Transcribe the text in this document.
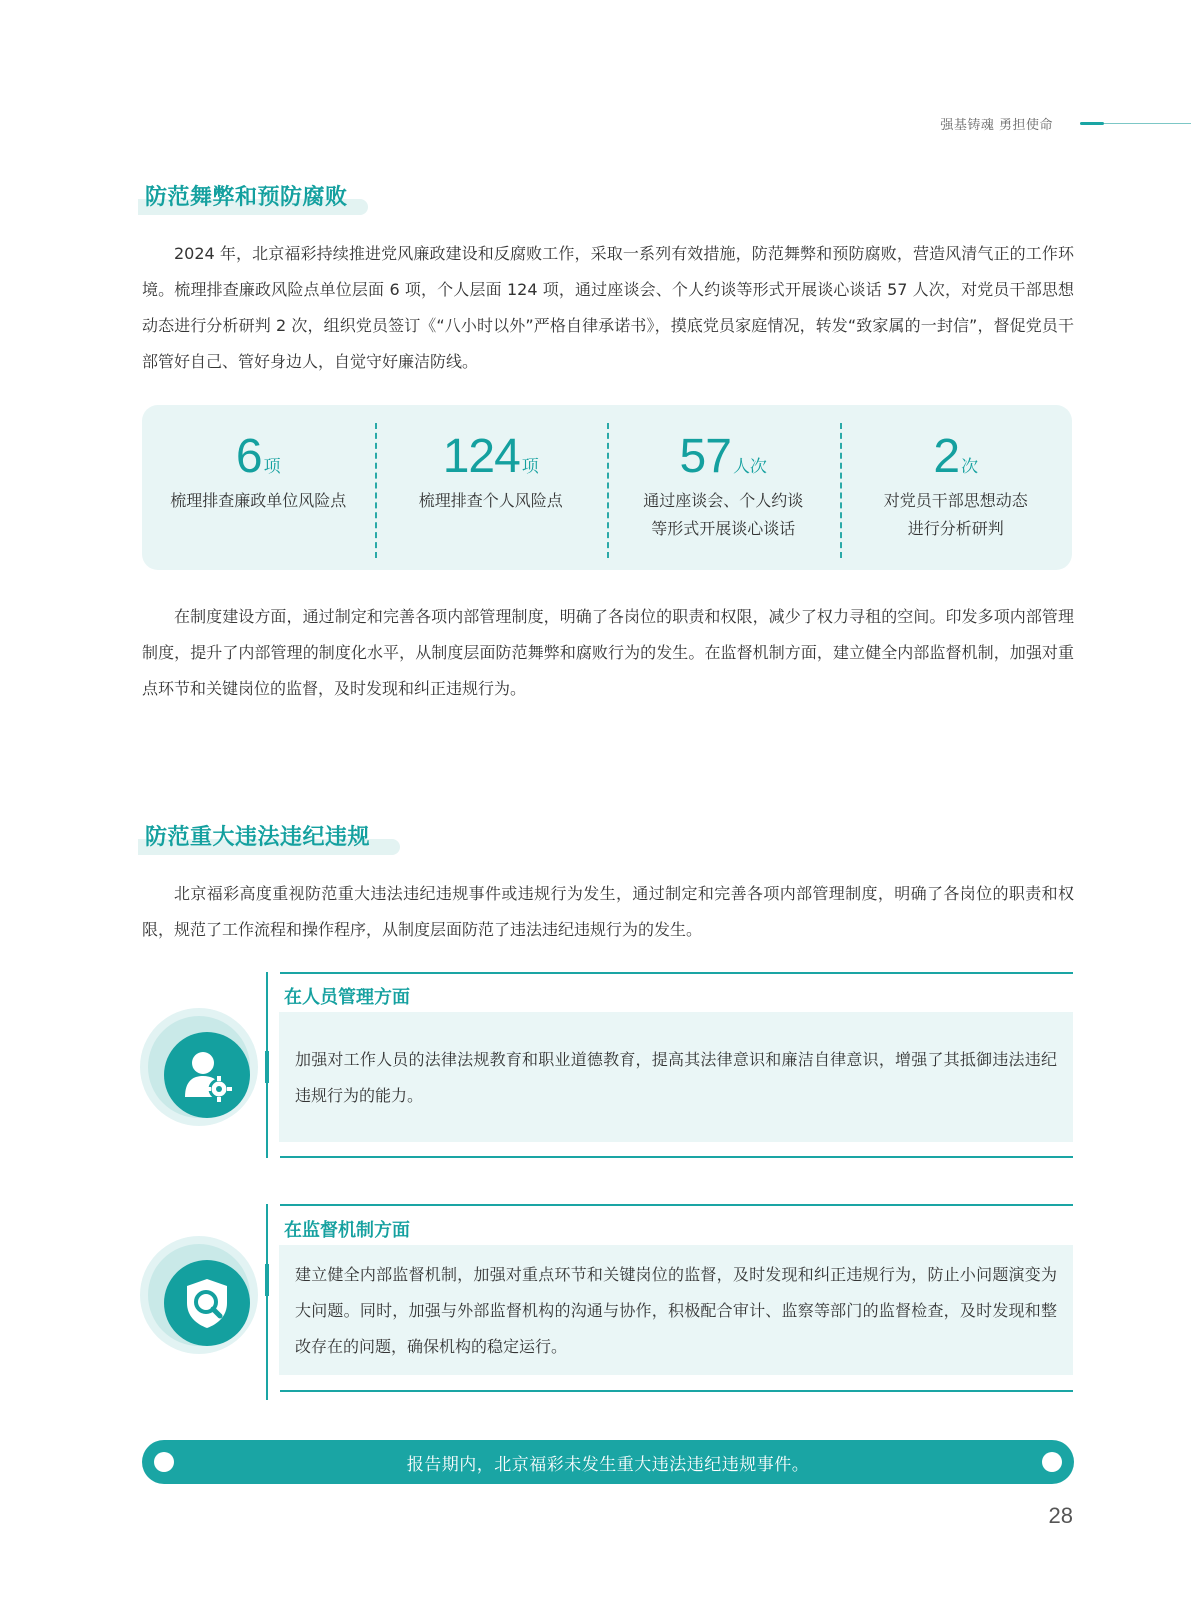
强基铸魂 勇担使命
防范舞弊和预防腐败

2024 年，北京福彩持续推进党风廉政建设和反腐败工作，采取一系列有效措施，防范舞弊和预防腐败，营造风清气正的工作环境。梳理排查廉政风险点单位层面 6 项，个人层面 124 项，通过座谈会、个人约谈等形式开展谈心谈话 57 人次，对党员干部思想动态进行分析研判 2 次，组织党员签订《“八小时以外”严格自律承诺书》，摸底党员家庭情况，转发“致家属的一封信”，督促党员干部管好自己、管好身边人，自觉守好廉洁防线。

6 项
梳理排查廉政单位风险点
124 项
梳理排查个人风险点
57 人次
通过座谈会、个人约谈
等形式开展谈心谈话
2 次
对党员干部思想动态
进行分析研判

在制度建设方面，通过制定和完善各项内部管理制度，明确了各岗位的职责和权限，减少了权力寻租的空间。印发多项内部管理制度，提升了内部管理的制度化水平，从制度层面防范舞弊和腐败行为的发生。在监督机制方面，建立健全内部监督机制，加强对重点环节和关键岗位的监督，及时发现和纠正违规行为。

防范重大违法违纪违规

北京福彩高度重视防范重大违法违纪违规事件或违规行为发生，通过制定和完善各项内部管理制度，明确了各岗位的职责和权限，规范了工作流程和操作程序，从制度层面防范了违法违纪违规行为的发生。

在人员管理方面

加强对工作人员的法律法规教育和职业道德教育，提高其法律意识和廉洁自律意识，增强了其抵御违法违纪违规行为的能力。

在监督机制方面

建立健全内部监督机制，加强对重点环节和关键岗位的监督，及时发现和纠正违规行为，防止小问题演变为大问题。同时，加强与外部监督机构的沟通与协作，积极配合审计、监察等部门的监督检查，及时发现和整改存在的问题，确保机构的稳定运行。

报告期内，北京福彩未发生重大违法违纪违规事件。
28
